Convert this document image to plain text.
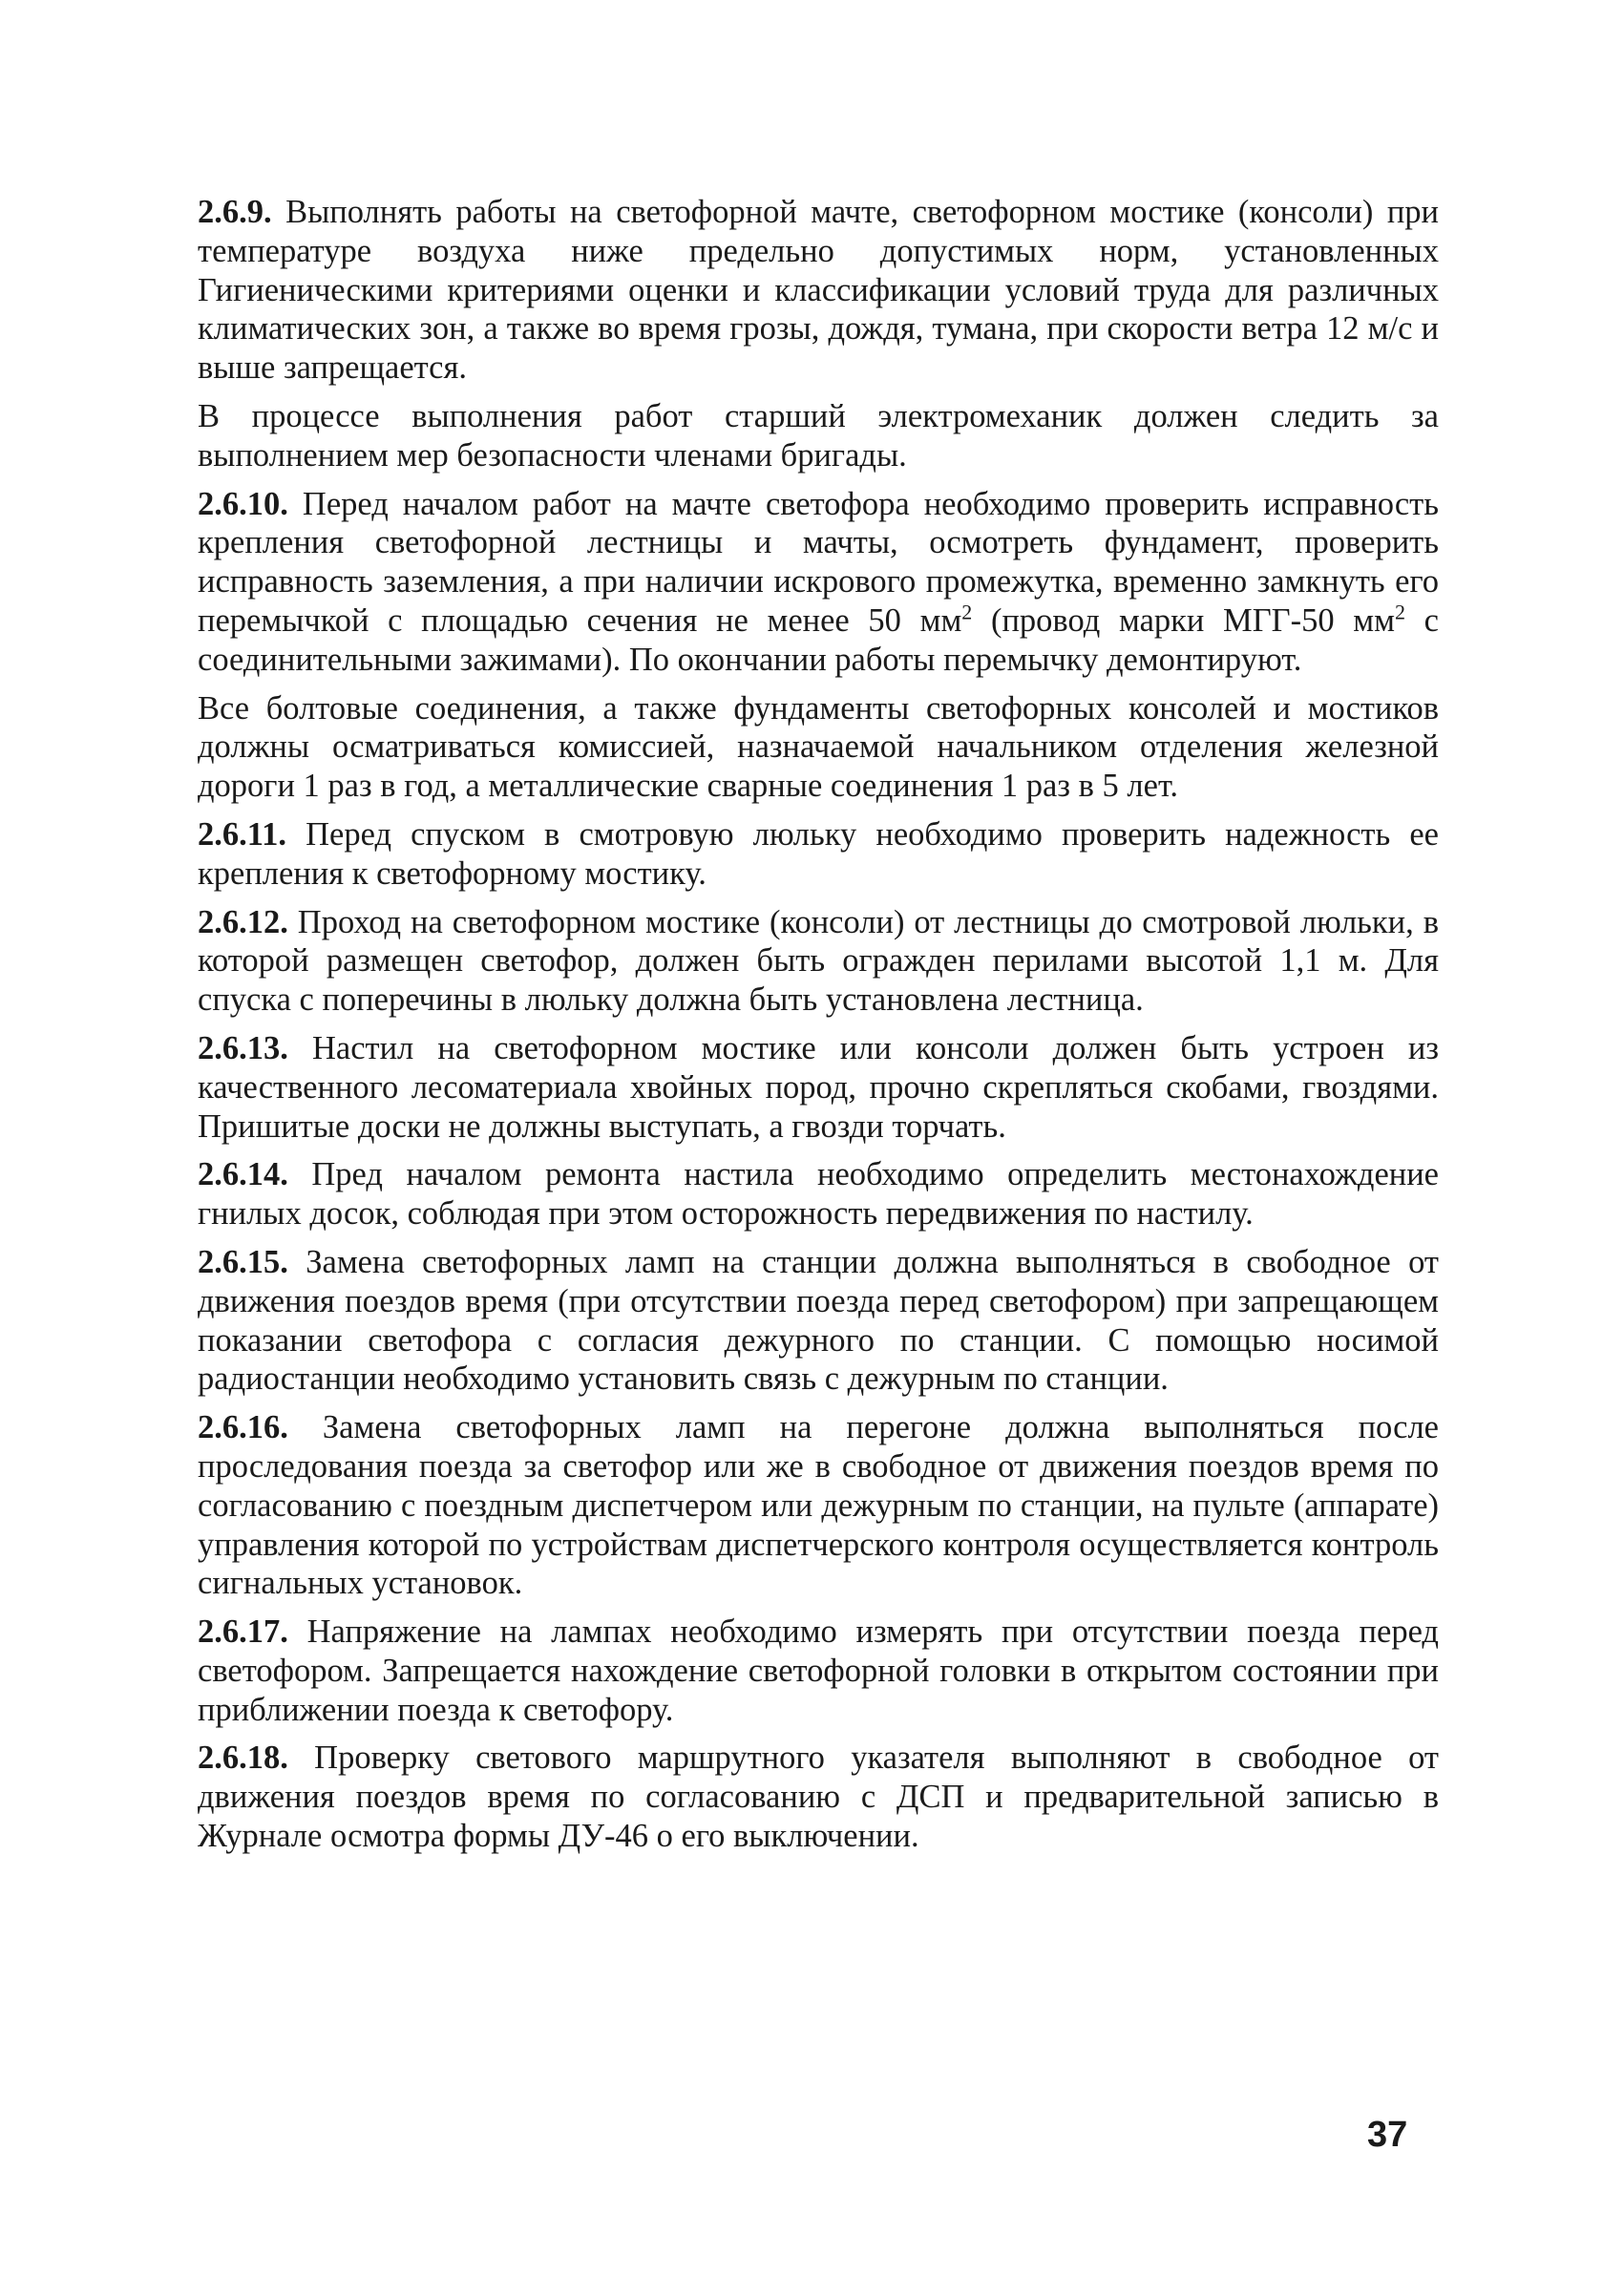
2.6.9. Выполнять работы на светофорной мачте, светофорном мостике (консоли) при температуре воздуха ниже предельно допустимых норм, установленных Гигиеническими критериями оценки и классификации условий труда для различных климатических зон, а также во время грозы, дождя, тумана, при скорости ветра 12 м/с и выше запрещается.

В процессе выполнения работ старший электромеханик должен следить за выполнением мер безопасности членами бригады.

2.6.10. Перед началом работ на мачте светофора необходимо проверить исправность крепления светофорной лестницы и мачты, осмотреть фундамент, проверить исправность заземления, а при наличии искрового промежутка, временно замкнуть его перемычкой с площадью сечения не менее 50 $мм^2$ (провод марки МГГ-50 $мм^2$ с соединительными зажимами). По окончании работы перемычку демонтируют.

Все болтовые соединения, а также фундаменты светофорных консолей и мостиков должны осматриваться комиссией, назначаемой начальником отделения железной дороги 1 раз в год, а металлические сварные соединения 1 раз в 5 лет.

2.6.11. Перед спуском в смотровую люльку необходимо проверить надежность ее крепления к светофорному мостику.

2.6.12. Проход на светофорном мостике (консоли) от лестницы до смотровой люльки, в которой размещен светофор, должен быть огражден перилами высотой 1,1 м. Для спуска с поперечины в люльку должна быть установлена лестница.

2.6.13. Настил на светофорном мостике или консоли должен быть устроен из качественного лесоматериала хвойных пород, прочно скрепляться скобами, гвоздями. Пришитые доски не должны выступать, а гвозди торчать.

2.6.14. Пред началом ремонта настила необходимо определить местонахождение гнилых досок, соблюдая при этом осторожность передвижения по настилу.

2.6.15. Замена светофорных ламп на станции должна выполняться в свободное от движения поездов время (при отсутствии поезда перед светофором) при запрещающем показании светофора с согласия дежурного по станции. С помощью носимой радиостанции необходимо установить связь с дежурным по станции.

2.6.16. Замена светофорных ламп на перегоне должна выполняться после проследования поезда за светофор или же в свободное от движения поездов время по согласованию с поездным диспетчером или дежурным по станции, на пульте (аппарате) управления которой по устройствам диспетчерского контроля осуществляется контроль сигнальных установок.

2.6.17. Напряжение на лампах необходимо измерять при отсутствии поезда перед светофором. Запрещается нахождение светофорной головки в открытом состоянии при приближении поезда к светофору.

2.6.18. Проверку светового маршрутного указателя выполняют в свободное от движения поездов время по согласованию с ДСП и предварительной записью в Журнале осмотра формы ДУ-46 о его выключении.

37
